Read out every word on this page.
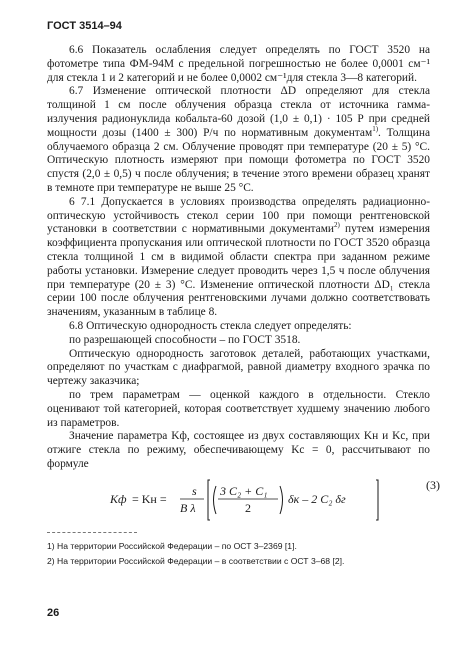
ГОСТ 3514–94

6.6 Показатель ослабления следует определять по ГОСТ 3520 на фотометре типа ФМ-94М с предельной погрешностью не более 0,0001 см⁻¹ для стекла 1 и 2 категорий и не более 0,0002 см⁻¹для стекла 3—8 категорий.

6.7 Изменение оптической плотности ΔD определяют для стекла толщиной 1 см после облучения образца стекла от источника гамма-излучения радионуклида кобальта-60 дозой (1,0 ± 0,1) · 105 Р при средней мощности дозы (1400 ± 300) Р/ч по нормативным документам$^{1)}$. Толщина облучаемого образца 2 см. Облучение проводят при температуре (20 ± 5) °С. Оптическую плотность измеряют при помощи фотометра по ГОСТ 3520 спустя (2,0 ± 0,5) ч после облучения; в течение этого времени образец хранят в темноте при температуре не выше 25 °С.

6 7.1 Допускается в условиях производства определять радиационно-оптическую устойчивость стекол серии 100 при помощи рентгеновской установки в соответствии с нормативными документами$^{2)}$ путем измерения коэффициента пропускания или оптической плотности по ГОСТ 3520 образца стекла толщиной 1 см в видимой области спектра при заданном режиме работы установки. Измерение следует проводить через 1,5 ч после облучения при температуре (20 ± 3) °С. Изменение оптической плотности ΔD₁ стекла серии 100 после облучения рентгеновскими лучами должно соответствовать значениям, указанным в таблице 8.

6.8 Оптическую однородность стекла следует определять:

по разрешающей способности – по ГОСТ 3518.

Оптическую однородность заготовок деталей, работающих участками, определяют по участкам с диафрагмой, равной диаметру входного зрачка по чертежу заказчика;

по трем параметрам — оценкой каждого в отдельности. Стекло оценивают той категорией, которая соответствует худшему значению любого из параметров.

Значение параметра Kф, состоящее из двух составляющих Kн и Kс, при отжиге стекла по режиму, обеспечивающему Kс = 0, рассчитывают по формуле

Kф = Kн =
s
B λ
3 C₂ + C₁
2
δк – 2 C₂ δг
(3)

1) На территории Российской Федерации – по ОСТ 3–2369 [1].

2) На территории Российской Федерации – в соответствии с ОСТ 3–68 [2].

26
